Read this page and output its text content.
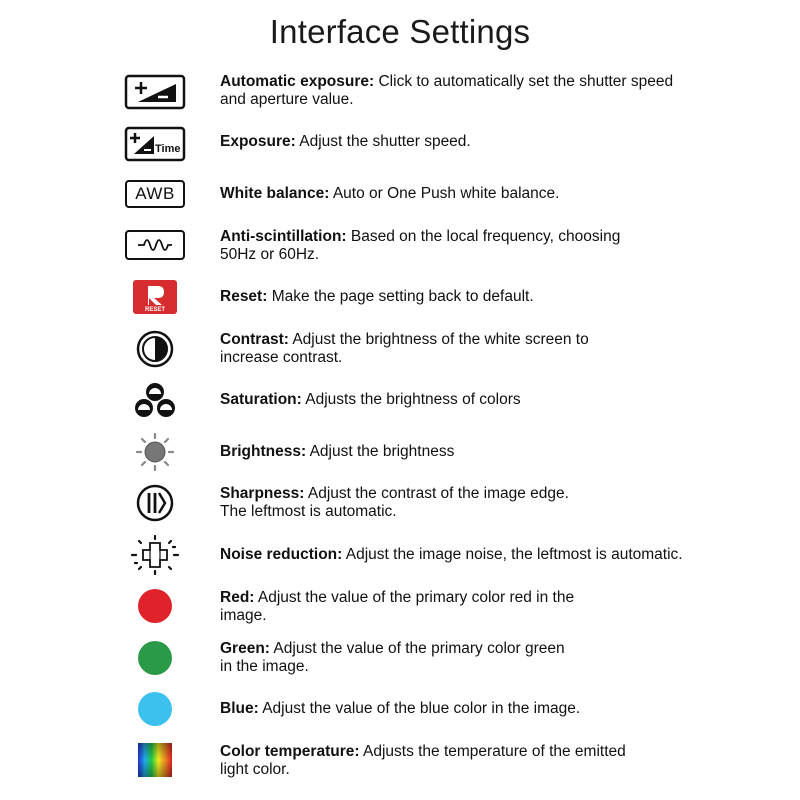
Interface Settings
Automatic exposure: Click to automatically set the shutter speed
and aperture value.
Time	Exposure: Adjust the shutter speed.
AWB	White balance: Auto or One Push white balance.
Anti-scintillation: Based on the local frequency, choosing
50Hz or 60Hz.
RESET
Reset: Make the page setting back to default.
Contrast: Adjust the brightness of the white screen to
increase contrast.
Saturation: Adjusts the brightness of colors
Brightness: Adjust the brightness
Sharpness: Adjust the contrast of the image edge.
The leftmost is automatic.
Noise reduction: Adjust the image noise, the leftmost is automatic.
Red: Adjust the value of the primary color red in the
image.
Green: Adjust the value of the primary color green
in the image.
Blue: Adjust the value of the blue color in the image.
Color temperature: Adjusts the temperature of the emitted
light color.
